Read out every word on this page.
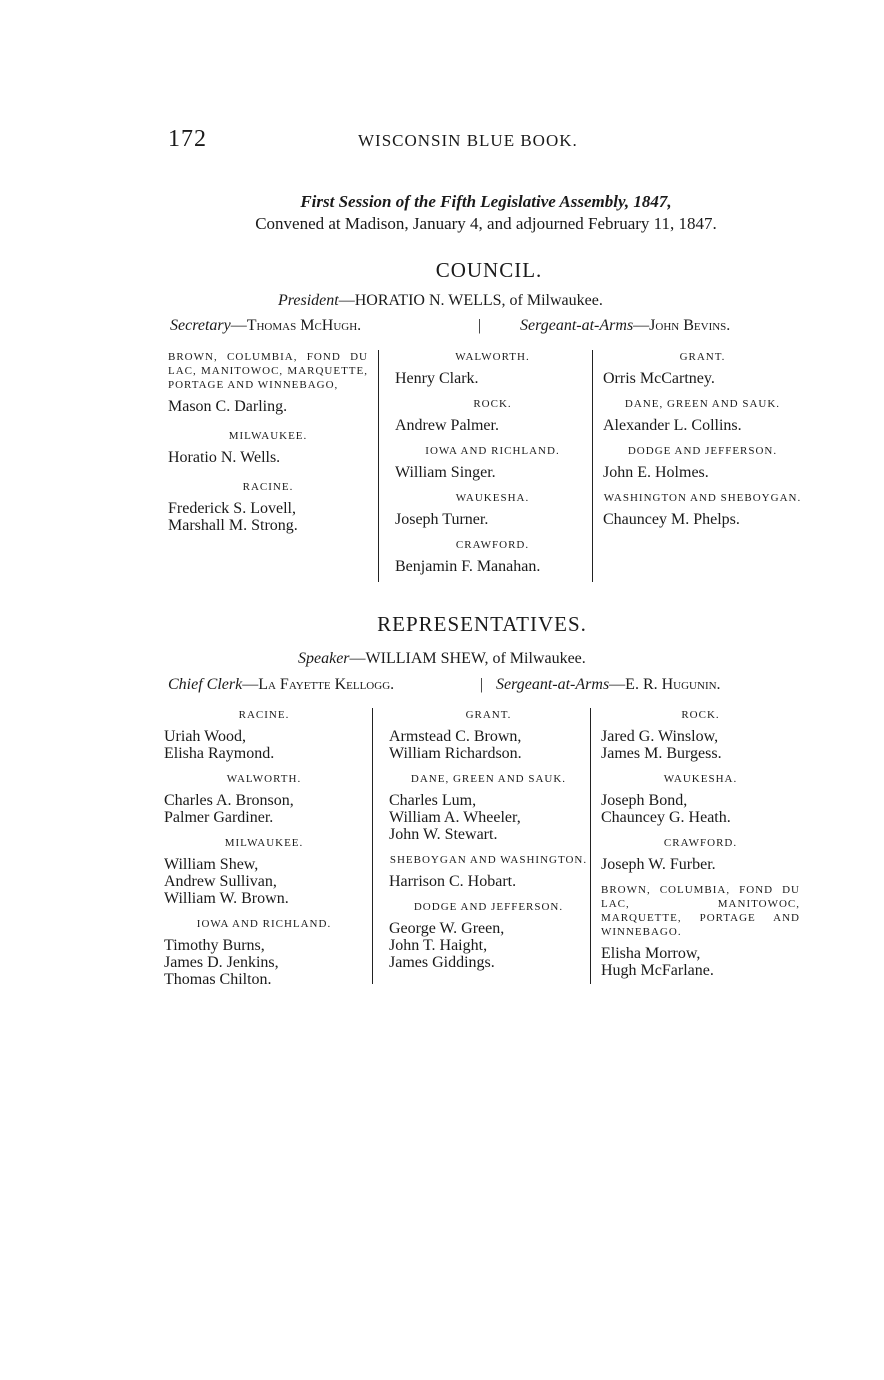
172	WISCONSIN BLUE BOOK.
First Session of the Fifth Legislative Assembly, 1847,
Convened at Madison, January 4, and adjourned February 11, 1847.
COUNCIL.
President—HORATIO N. WELLS, of Milwaukee.
Secretary—Thomas McHugh.	| Sergeant-at-Arms—John Bevins.

BROWN, COLUMBIA, FOND DU LAC, MANITOWOC, MARQUETTE, PORTAGE AND WINNEBAGO,

Mason C. Darling.

MILWAUKEE.

Horatio N. Wells.

RACINE.

Frederick S. Lovell,

Marshall M. Strong.

WALWORTH.

Henry Clark.

ROCK.

Andrew Palmer.

IOWA AND RICHLAND.

William Singer.

WAUKESHA.

Joseph Turner.

CRAWFORD.

Benjamin F. Manahan.

GRANT.

Orris McCartney.

DANE, GREEN AND SAUK.

Alexander L. Collins.

DODGE AND JEFFERSON.

John E. Holmes.

WASHINGTON AND SHEBOYGAN.

Chauncey M. Phelps.

REPRESENTATIVES.
Speaker—WILLIAM SHEW, of Milwaukee.
Chief Clerk—La Fayette Kellogg.	| Sergeant-at-Arms—E. R. Hugunin.

RACINE.

Uriah Wood,

Elisha Raymond.

WALWORTH.

Charles A. Bronson,

Palmer Gardiner.

MILWAUKEE.

William Shew,

Andrew Sullivan,

William W. Brown.

IOWA AND RICHLAND.

Timothy Burns,

James D. Jenkins,

Thomas Chilton.

GRANT.

Armstead C. Brown,

William Richardson.

DANE, GREEN AND SAUK.

Charles Lum,

William A. Wheeler,

John W. Stewart.

SHEBOYGAN AND WASHINGTON.

Harrison C. Hobart.

DODGE AND JEFFERSON.

George W. Green,

John T. Haight,

James Giddings.

ROCK.

Jared G. Winslow,

James M. Burgess.

WAUKESHA.

Joseph Bond,

Chauncey G. Heath.

CRAWFORD.

Joseph W. Furber.

BROWN, COLUMBIA, FOND DU LAC, MANITOWOC, MARQUETTE, PORTAGE AND WINNEBAGO.

Elisha Morrow,

Hugh McFarlane.
